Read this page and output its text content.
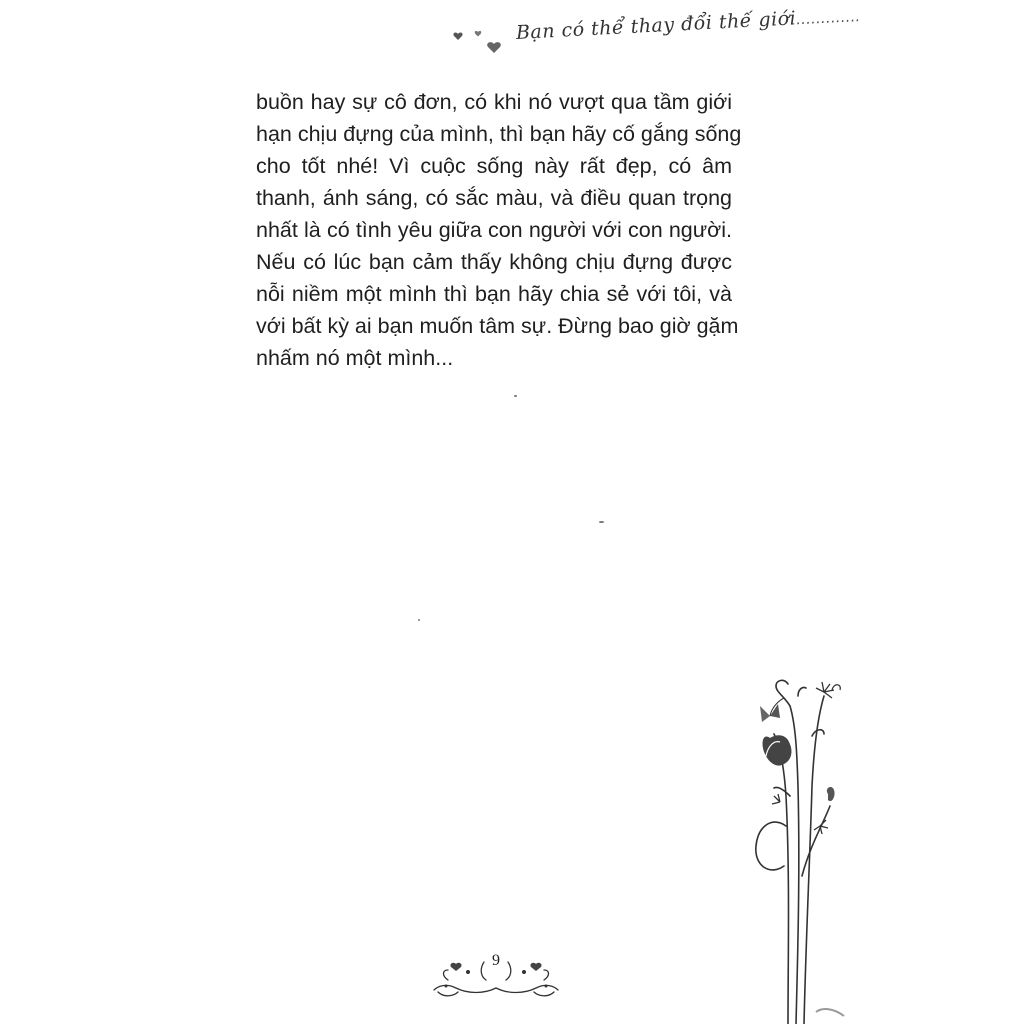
Bạn có thể thay đổi thế giới.............
buồn hay sự cô đơn, có khi nó vượt qua tầm giới
hạn chịu đựng của mình, thì bạn hãy cố gắng sống
cho tốt nhé! Vì cuộc sống này rất đẹp, có âm
thanh, ánh sáng, có sắc màu, và điều quan trọng
nhất là có tình yêu giữa con người với con người.
Nếu có lúc bạn cảm thấy không chịu đựng được
nỗi niềm một mình thì bạn hãy chia sẻ với tôi, và
với bất kỳ ai bạn muốn tâm sự. Đừng bao giờ gặm
nhấm nó một mình...
9
